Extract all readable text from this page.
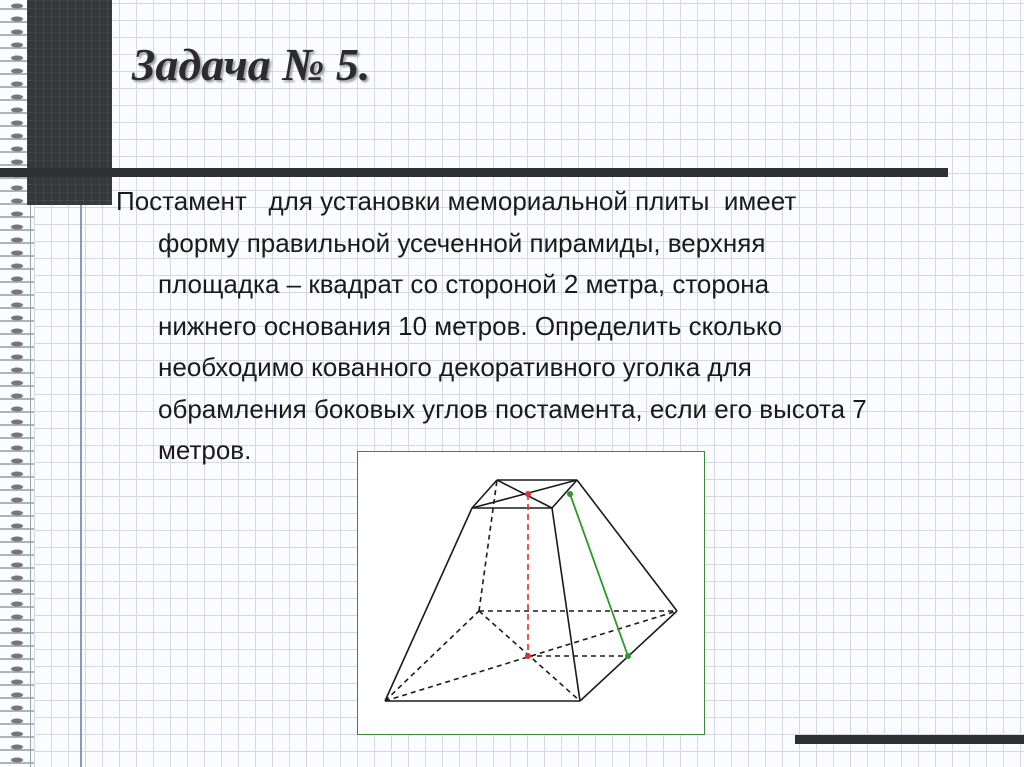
Задача № 5.
Постамент   для установки мемориальной плиты  имеет
форму правильной усеченной пирамиды, верхняя
площадка – квадрат со стороной 2 метра, сторона
нижнего основания 10 метров. Определить сколько
необходимо кованного декоративного уголка для
обрамления боковых углов постамента, если его высота 7
метров.
